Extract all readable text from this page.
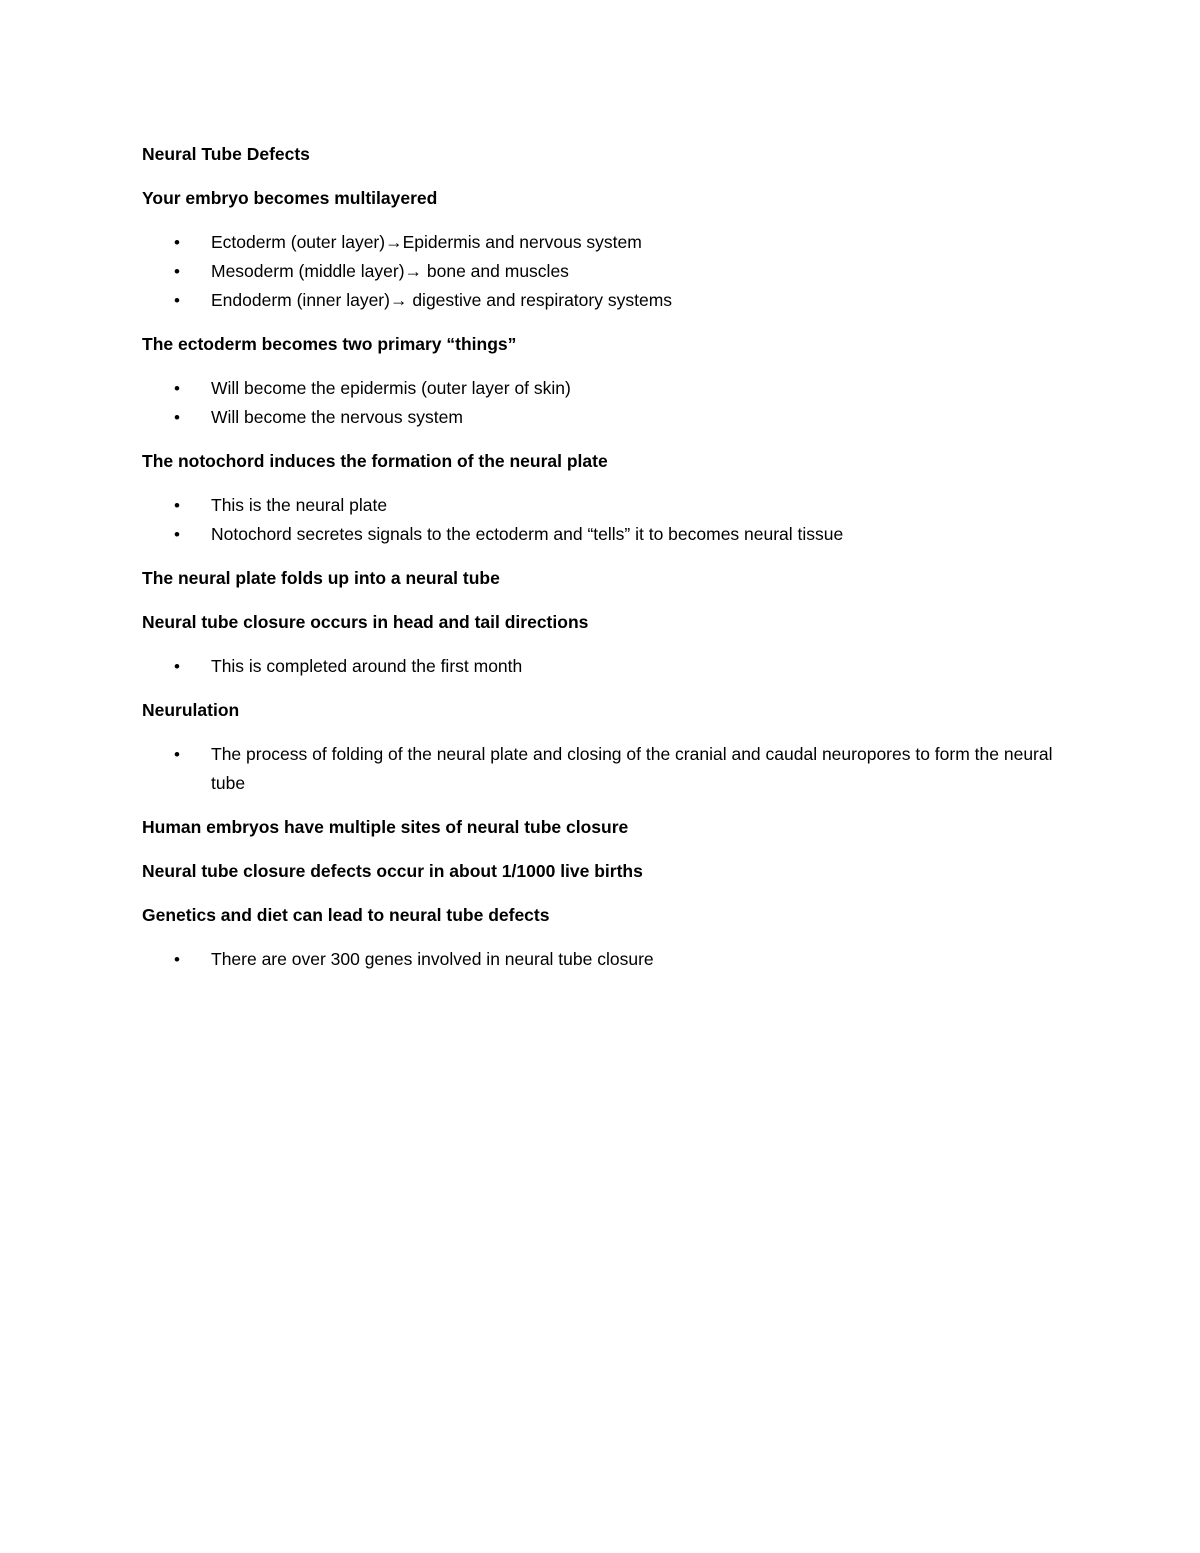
Neural Tube Defects
Your embryo becomes multilayered
• Ectoderm (outer layer)→Epidermis and nervous system
• Mesoderm (middle layer)→ bone and muscles
• Endoderm (inner layer)→ digestive and respiratory systems
The ectoderm becomes two primary “things”
• Will become the epidermis (outer layer of skin)
• Will become the nervous system
The notochord induces the formation of the neural plate
• This is the neural plate
• Notochord secretes signals to the ectoderm and “tells” it to becomes neural tissue
The neural plate folds up into a neural tube
Neural tube closure occurs in head and tail directions
• This is completed around the first month
Neurulation
• The process of folding of the neural plate and closing of the cranial and caudal neuropores to form the neural tube
Human embryos have multiple sites of neural tube closure
Neural tube closure defects occur in about 1/1000 live births
Genetics and diet can lead to neural tube defects
• There are over 300 genes involved in neural tube closure
